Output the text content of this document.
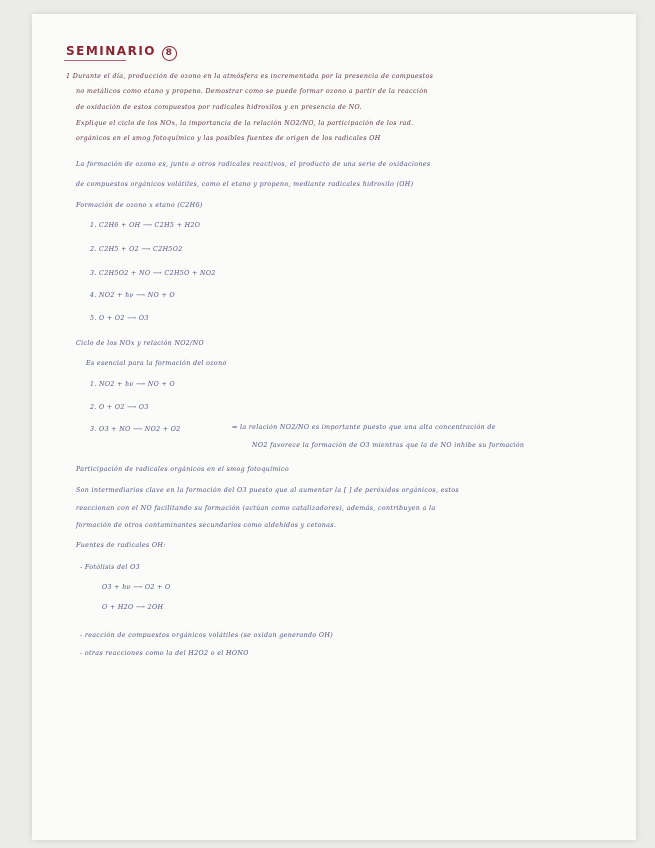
SEMINARIO 8
1 Durante el día, producción de ozono en la atmósfera es incrementada por la presencia de compuestos
no metálicos como etano y propeno. Demostrar como se puede formar ozono a partir de la reacción
de oxidación de estos compuestos por radicales hidroxilos y en presencia de NO.
Explique el ciclo de los NOx, la importancia de la relación NO2/NO, la participación de los rad.
orgánicos en el smog fotoquímico y las posibles fuentes de origen de los radicales OH
La formación de ozono es, junto a otros radicales reactivos, el producto de una serie de oxidaciones
de compuestos orgánicos volátiles, como el etano y propeno, mediante radicales hidroxilo (OH)
Formación de ozono x etano (C2H6)
1. C2H6 + OH ⟶ C2H5 + H2O
2. C2H5 + O2 ⟶ C2H5O2
3. C2H5O2 + NO ⟶ C2H5O + NO2
4. NO2 + hν ⟶ NO + O
5. O + O2 ⟶ O3
Ciclo de los NOx y relación NO2/NO
Es esencial para la formación del ozono
1. NO2 + hν ⟶ NO + O
2. O + O2 ⟶ O3
3. O3 + NO ⟶ NO2 + O2	⇒ la relación NO2/NO es importante puesto que una alta concentración de
NO2 favorece la formación de O3 mientras que la de NO inhibe su formación
Participación de radicales orgánicos en el smog fotoquímico
Son intermediarios clave en la formación del O3 puesto que al aumentar la [ ] de peróxidos orgánicos, estos
reaccionan con el NO facilitando su formación (actúan como catalizadores), además, contribuyen a la
formación de otros contaminantes secundarios como aldehídos y cetonas.
Fuentes de radicales OH:
- Fotólisis del O3
O3 + hν ⟶ O2 + O
O + H2O ⟶ 2OH
- reacción de compuestos orgánicos volátiles (se oxidan generando OH)
- otras reacciones como la del H2O2 o el HONO
